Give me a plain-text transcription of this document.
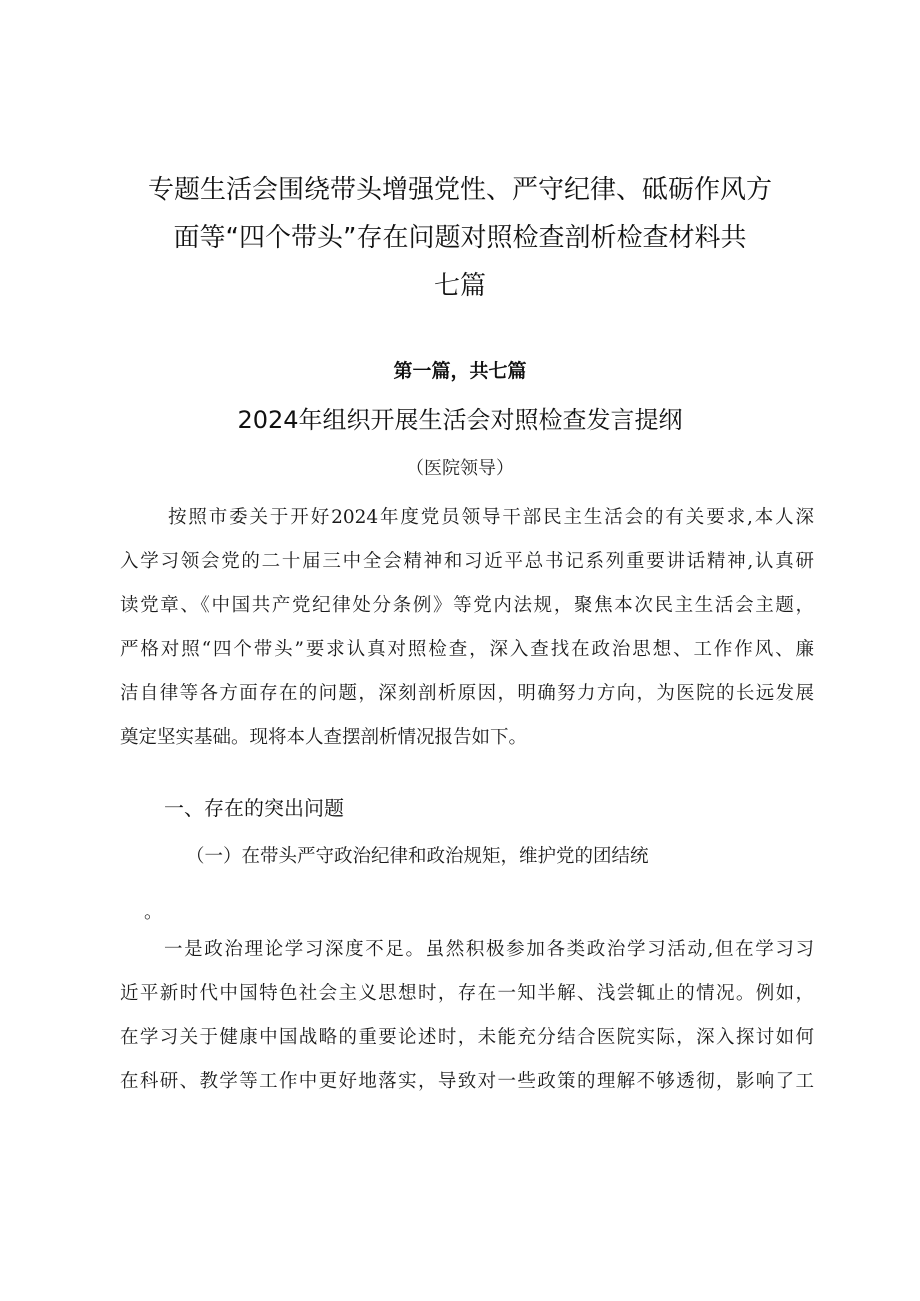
专题生活会围绕带头增强党性、严守纪律、砥砺作风方
面等“四个带头”存在问题对照检查剖析检查材料共
七篇
第一篇，共七篇
2024年组织开展生活会对照检查发言提纲
（医院领导）
按照市委关于开好2024年度党员领导干部民主生活会的有关要求,本人深
入学习领会党的二十届三中全会精神和习近平总书记系列重要讲话精神,认真研
读党章、《中国共产党纪律处分条例》等党内法规，聚焦本次民主生活会主题，
严格对照“四个带头”要求认真对照检查，深入查找在政治思想、工作作风、廉
洁自律等各方面存在的问题，深刻剖析原因，明确努力方向，为医院的长远发展
奠定坚实基础。现将本人查摆剖析情况报告如下。
一、存在的突出问题
（一）在带头严守政治纪律和政治规矩，维护党的团结统
。
一是政治理论学习深度不足。虽然积极参加各类政治学习活动,但在学习习
近平新时代中国特色社会主义思想时，存在一知半解、浅尝辄止的情况。例如，
在学习关于健康中国战略的重要论述时，未能充分结合医院实际，深入探讨如何
在科研、教学等工作中更好地落实，导致对一些政策的理解不够透彻，影响了工
